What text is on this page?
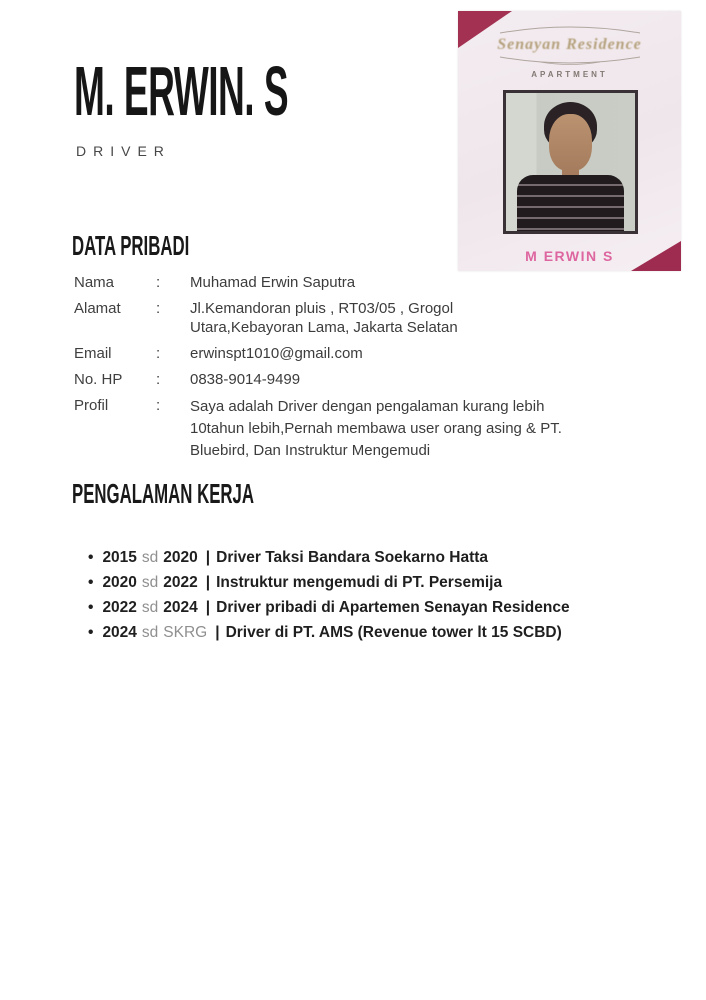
M. ERWIN. S
DRIVER
Senayan Residence
APARTMENT
M ERWIN S
DATA PRIBADI
Nama	:	Muhamad Erwin Saputra
Alamat	:	Jl.Kemandoran pluis , RT03/05 , Grogol Utara,Kebayoran Lama, Jakarta Selatan
Email	:	erwinspt1010@gmail.com
No. HP	:	0838-9014-9499
Profil	:	Saya adalah Driver dengan pengalaman kurang lebih 10tahun lebih,Pernah membawa user orang asing & PT. Bluebird, Dan Instruktur Mengemudi
PENGALAMAN KERJA
• 2015 sd 2020 | Driver Taksi Bandara Soekarno Hatta
• 2020 sd 2022 | Instruktur mengemudi di PT. Persemija
• 2022 sd 2024 | Driver pribadi di Apartemen Senayan Residence
• 2024 sd SKRG | Driver di PT. AMS (Revenue tower lt 15 SCBD)
